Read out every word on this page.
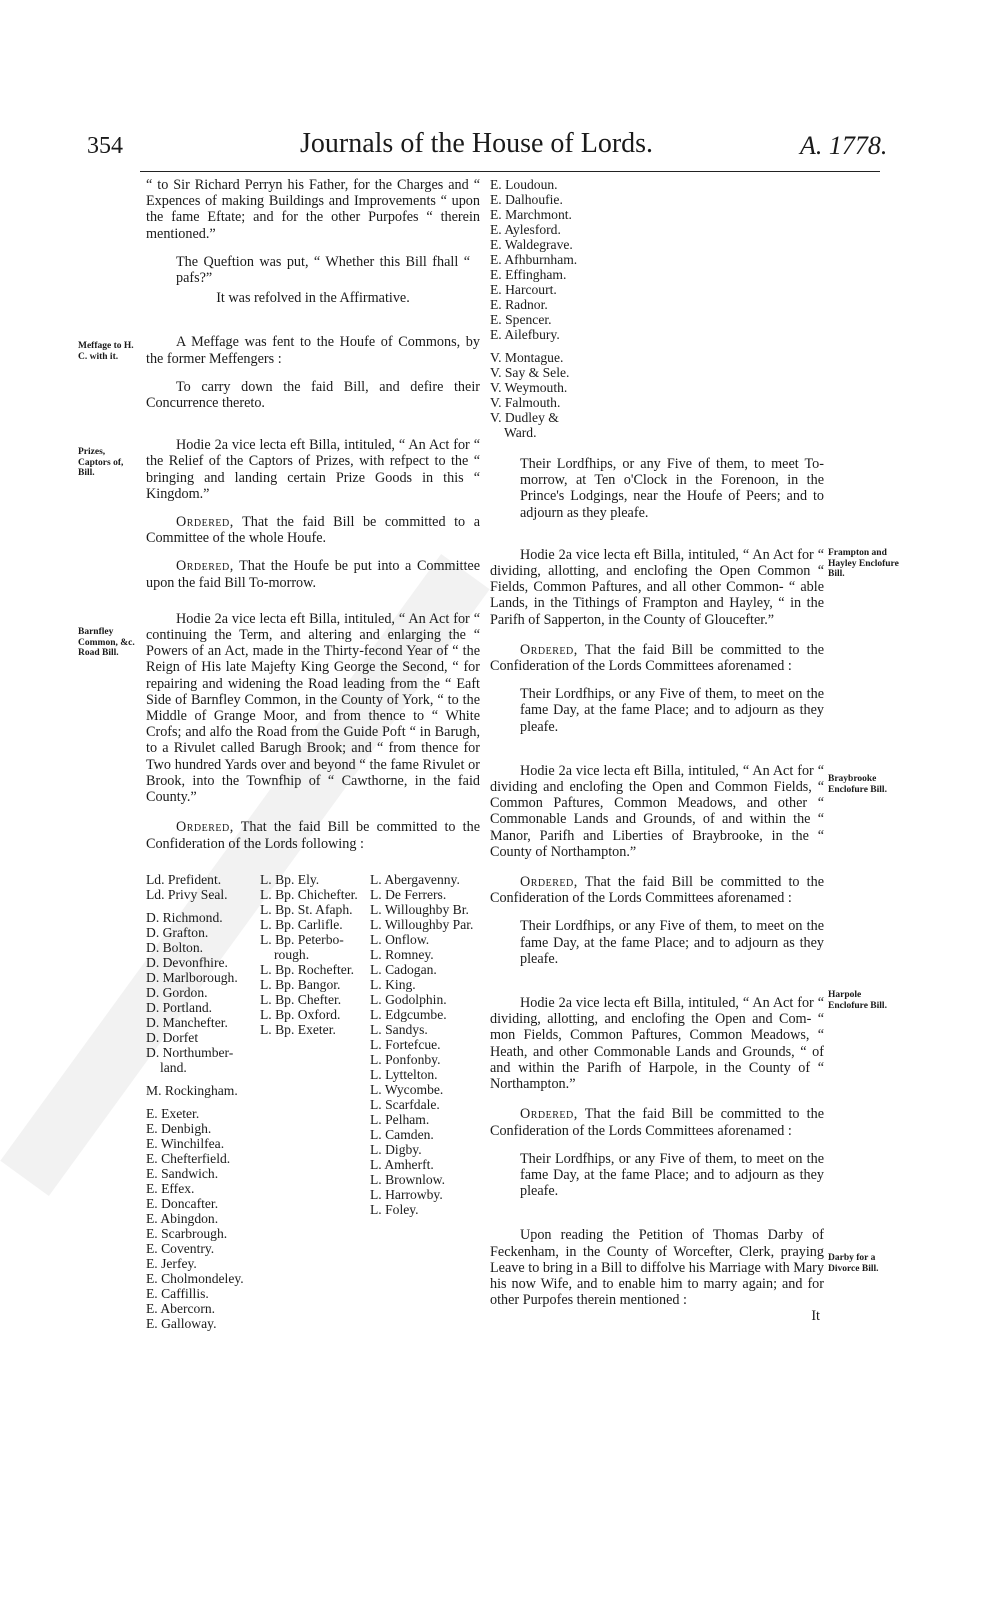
354	Journals of the House of Lords.	A. 1778.

“ to Sir Richard Perryn his Father, for the Charges and “ Expences of making Buildings and Improvements “ upon the fame Eftate; and for the other Purpofes “ therein mentioned.”

The Queftion was put, “ Whether this Bill fhall “ pafs?”

It was refolved in the Affirmative.

A Meffage was fent to the Houfe of Commons, by the former Meffengers :

To carry down the faid Bill, and defire their Concurrence thereto.

Hodie 2a vice lecta eft Billa, intituled, “ An Act for “ the Relief of the Captors of Prizes, with refpect to the “ bringing and landing certain Prize Goods in this “ Kingdom.”

Ordered, That the faid Bill be committed to a Committee of the whole Houfe.

Ordered, That the Houfe be put into a Committee upon the faid Bill To-morrow.

Hodie 2a vice lecta eft Billa, intituled, “ An Act for “ continuing the Term, and altering and enlarging the “ Powers of an Act, made in the Thirty-fecond Year of “ the Reign of His late Majefty King George the Second, “ for repairing and widening the Road leading from the “ Eaft Side of Barnfley Common, in the County of York, “ to the Middle of Grange Moor, and from thence to “ White Crofs; and alfo the Road from the Guide Poft “ in Barugh, to a Rivulet called Barugh Brook; and “ from thence for Two hundred Yards over and beyond “ the fame Rivulet or Brook, into the Townfhip of “ Cawthorne, in the faid County.”

Ordered, That the faid Bill be committed to the Confideration of the Lords following :

Meffage to H. C. with it.
Prizes, Captors of, Bill.
Barnfley Common, &c. Road Bill.
Ld. Prefident.
Ld. Privy Seal.
D. Richmond.
D. Grafton.
D. Bolton.
D. Devonfhire.
D. Marlborough.
D. Gordon.
D. Portland.
D. Manchefter.
D. Dorfet
D. Northumber-
land.
M. Rockingham.
E. Exeter.
E. Denbigh.
E. Winchilfea.
E. Chefterfield.
E. Sandwich.
E. Effex.
E. Doncafter.
E. Abingdon.
E. Scarbrough.
E. Coventry.
E. Jerfey.
E. Cholmondeley.
E. Caffillis.
E. Abercorn.
E. Galloway.
L. Bp. Ely.
L. Bp. Chichefter.
L. Bp. St. Afaph.
L. Bp. Carlifle.
L. Bp. Peterbo-
rough.
L. Bp. Rochefter.
L. Bp. Bangor.
L. Bp. Chefter.
L. Bp. Oxford.
L. Bp. Exeter.
L. Abergavenny.
L. De Ferrers.
L. Willoughby Br.
L. Willoughby Par.
L. Onflow.
L. Romney.
L. Cadogan.
L. King.
L. Godolphin.
L. Edgcumbe.
L. Sandys.
L. Fortefcue.
L. Ponfonby.
L. Lyttelton.
L. Wycombe.
L. Scarfdale.
L. Pelham.
L. Camden.
L. Digby.
L. Amherft.
L. Brownlow.
L. Harrowby.
L. Foley.
E. Loudoun.
E. Dalhoufie.
E. Marchmont.
E. Aylesford.
E. Waldegrave.
E. Afhburnham.
E. Effingham.
E. Harcourt.
E. Radnor.
E. Spencer.
E. Ailefbury.
V. Montague.
V. Say & Sele.
V. Weymouth.
V. Falmouth.
V. Dudley &
Ward.

Their Lordfhips, or any Five of them, to meet To-morrow, at Ten o'Clock in the Forenoon, in the Prince's Lodgings, near the Houfe of Peers; and to adjourn as they pleafe.

Hodie 2a vice lecta eft Billa, intituled, “ An Act for “ dividing, allotting, and enclofing the Open Common “ Fields, Common Paftures, and all other Common- “ able Lands, in the Tithings of Frampton and Hayley, “ in the Parifh of Sapperton, in the County of Gloucefter.”

Ordered, That the faid Bill be committed to the Confideration of the Lords Committees aforenamed :

Their Lordfhips, or any Five of them, to meet on the fame Day, at the fame Place; and to adjourn as they pleafe.

Hodie 2a vice lecta eft Billa, intituled, “ An Act for “ dividing and enclofing the Open and Common Fields, “ Common Paftures, Common Meadows, and other “ Commonable Lands and Grounds, of and within the “ Manor, Parifh and Liberties of Braybrooke, in the “ County of Northampton.”

Ordered, That the faid Bill be committed to the Confideration of the Lords Committees aforenamed :

Their Lordfhips, or any Five of them, to meet on the fame Day, at the fame Place; and to adjourn as they pleafe.

Hodie 2a vice lecta eft Billa, intituled, “ An Act for “ dividing, allotting, and enclofing the Open and Com- “ mon Fields, Common Paftures, Common Meadows, “ Heath, and other Commonable Lands and Grounds, “ of and within the Parifh of Harpole, in the County of “ Northampton.”

Ordered, That the faid Bill be committed to the Confideration of the Lords Committees aforenamed :

Their Lordfhips, or any Five of them, to meet on the fame Day, at the fame Place; and to adjourn as they pleafe.

Upon reading the Petition of Thomas Darby of Feckenham, in the County of Worcefter, Clerk, praying Leave to bring in a Bill to diffolve his Marriage with Mary his now Wife, and to enable him to marry again; and for other Purpofes therein mentioned :

It
Frampton and Hayley Enclofure Bill.
Braybrooke Enclofure Bill.
Harpole Enclofure Bill.
Darby for a Divorce Bill.
